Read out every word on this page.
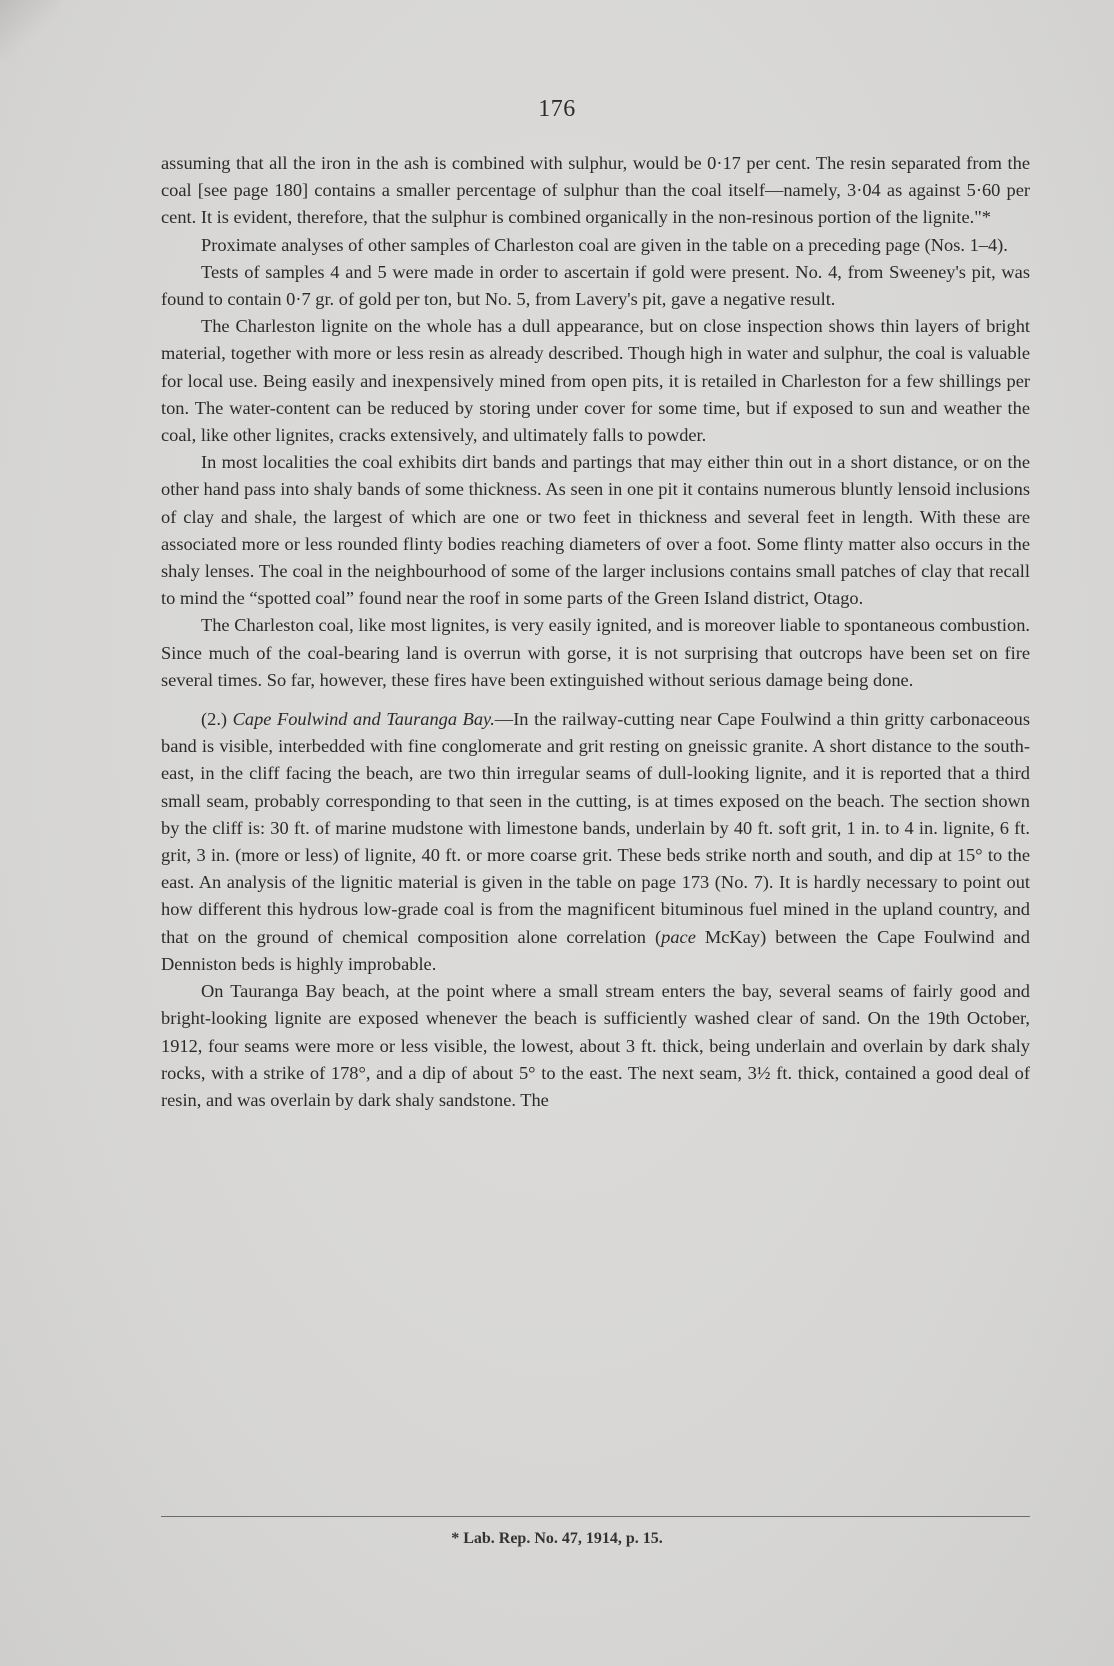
176

assuming that all the iron in the ash is combined with sulphur, would be 0·17 per cent. The resin separated from the coal [see page 180] contains a smaller percentage of sulphur than the coal itself—namely, 3·04 as against 5·60 per cent. It is evident, therefore, that the sulphur is combined organically in the non-resinous portion of the lignite."*

Proximate analyses of other samples of Charleston coal are given in the table on a preceding page (Nos. 1–4).

Tests of samples 4 and 5 were made in order to ascertain if gold were present. No. 4, from Sweeney's pit, was found to contain 0·7 gr. of gold per ton, but No. 5, from Lavery's pit, gave a negative result.

The Charleston lignite on the whole has a dull appearance, but on close inspection shows thin layers of bright material, together with more or less resin as already described. Though high in water and sulphur, the coal is valuable for local use. Being easily and inexpensively mined from open pits, it is retailed in Charleston for a few shillings per ton. The water-content can be reduced by storing under cover for some time, but if exposed to sun and weather the coal, like other lignites, cracks extensively, and ultimately falls to powder.

In most localities the coal exhibits dirt bands and partings that may either thin out in a short distance, or on the other hand pass into shaly bands of some thickness. As seen in one pit it contains numerous bluntly lensoid inclusions of clay and shale, the largest of which are one or two feet in thickness and several feet in length. With these are associated more or less rounded flinty bodies reaching diameters of over a foot. Some flinty matter also occurs in the shaly lenses. The coal in the neighbourhood of some of the larger inclusions contains small patches of clay that recall to mind the “spotted coal” found near the roof in some parts of the Green Island district, Otago.

The Charleston coal, like most lignites, is very easily ignited, and is moreover liable to spontaneous combustion. Since much of the coal-bearing land is overrun with gorse, it is not surprising that outcrops have been set on fire several times. So far, however, these fires have been extinguished without serious damage being done.

(2.) Cape Foulwind and Tauranga Bay.—In the railway-cutting near Cape Foulwind a thin gritty carbonaceous band is visible, interbedded with fine conglomerate and grit resting on gneissic granite. A short distance to the south-east, in the cliff facing the beach, are two thin irregular seams of dull-looking lignite, and it is reported that a third small seam, probably corresponding to that seen in the cutting, is at times exposed on the beach. The section shown by the cliff is: 30 ft. of marine mudstone with limestone bands, underlain by 40 ft. soft grit, 1 in. to 4 in. lignite, 6 ft. grit, 3 in. (more or less) of lignite, 40 ft. or more coarse grit. These beds strike north and south, and dip at 15° to the east. An analysis of the lignitic material is given in the table on page 173 (No. 7). It is hardly necessary to point out how different this hydrous low-grade coal is from the magnificent bituminous fuel mined in the upland country, and that on the ground of chemical composition alone correlation (pace McKay) between the Cape Foulwind and Denniston beds is highly improbable.

On Tauranga Bay beach, at the point where a small stream enters the bay, several seams of fairly good and bright-looking lignite are exposed whenever the beach is sufficiently washed clear of sand. On the 19th October, 1912, four seams were more or less visible, the lowest, about 3 ft. thick, being underlain and overlain by dark shaly rocks, with a strike of 178°, and a dip of about 5° to the east. The next seam, 3½ ft. thick, contained a good deal of resin, and was overlain by dark shaly sandstone. The

* Lab. Rep. No. 47, 1914, p. 15.
